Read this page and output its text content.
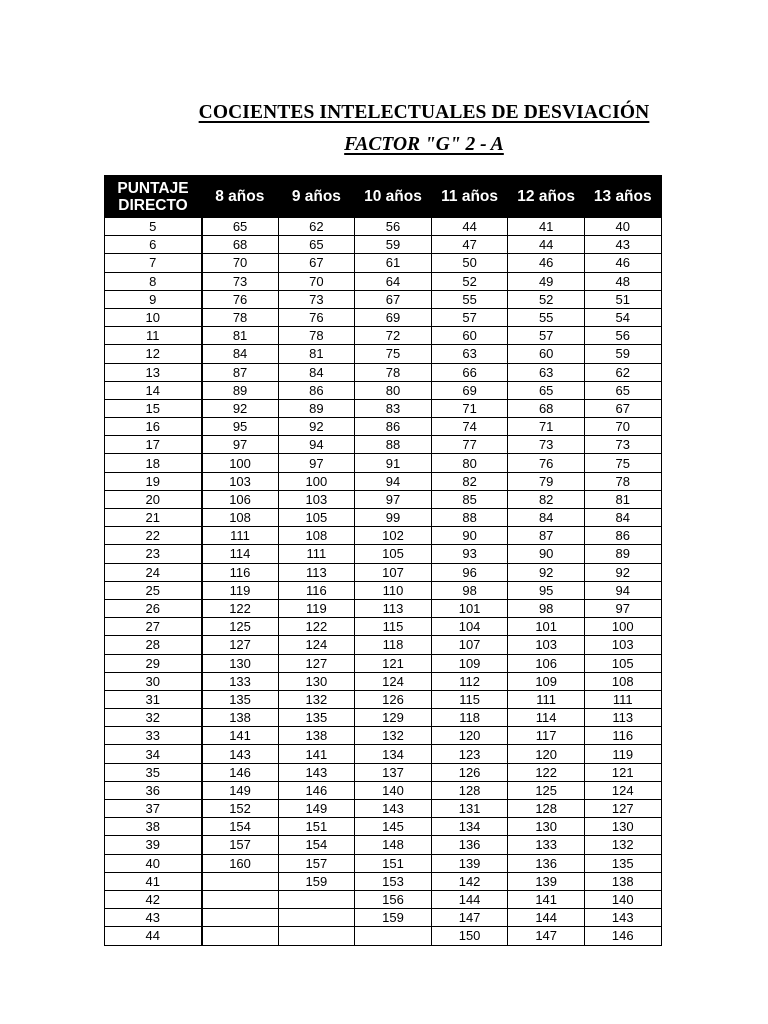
COCIENTES INTELECTUALES DE DESVIACIÓN
FACTOR "G" 2 - A
PUNTAJE
DIRECTO	8 años	9 años	10 años	11 años	12 años	13 años
5	65	62	56	44	41	40
6	68	65	59	47	44	43
7	70	67	61	50	46	46
8	73	70	64	52	49	48
9	76	73	67	55	52	51
10	78	76	69	57	55	54
11	81	78	72	60	57	56
12	84	81	75	63	60	59
13	87	84	78	66	63	62
14	89	86	80	69	65	65
15	92	89	83	71	68	67
16	95	92	86	74	71	70
17	97	94	88	77	73	73
18	100	97	91	80	76	75
19	103	100	94	82	79	78
20	106	103	97	85	82	81
21	108	105	99	88	84	84
22	111	108	102	90	87	86
23	114	111	105	93	90	89
24	116	113	107	96	92	92
25	119	116	110	98	95	94
26	122	119	113	101	98	97
27	125	122	115	104	101	100
28	127	124	118	107	103	103
29	130	127	121	109	106	105
30	133	130	124	112	109	108
31	135	132	126	115	111	111
32	138	135	129	118	114	113
33	141	138	132	120	117	116
34	143	141	134	123	120	119
35	146	143	137	126	122	121
36	149	146	140	128	125	124
37	152	149	143	131	128	127
38	154	151	145	134	130	130
39	157	154	148	136	133	132
40	160	157	151	139	136	135
41		159	153	142	139	138
42			156	144	141	140
43			159	147	144	143
44				150	147	146
